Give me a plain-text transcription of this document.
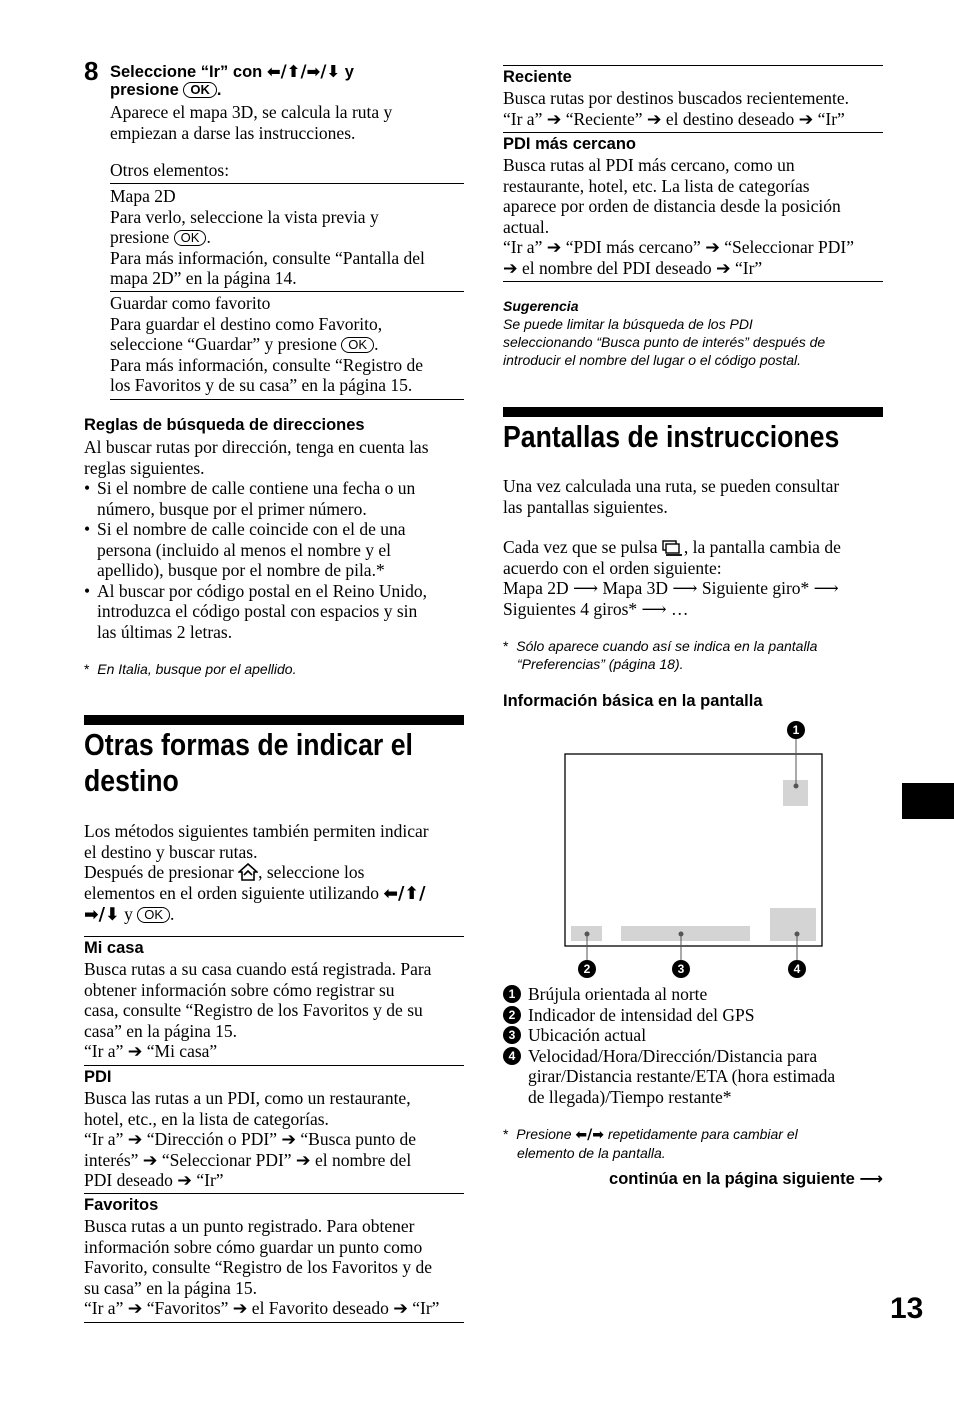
8 Seleccione “Ir” con ⬅/⬆/➡/⬇ y
presione OK .
Aparece el mapa 3D, se calcula la ruta y
empiezan a darse las instrucciones.
Otros elementos:
Mapa 2D
Para verlo, seleccione la vista previa y
presione OK .
Para más información, consulte “Pantalla del
mapa 2D” en la página 14.
Guardar como favorito
Para guardar el destino como Favorito,
seleccione “Guardar” y presione OK .
Para más información, consulte “Registro de
los Favoritos y de su casa” en la página 15.
Reglas de búsqueda de direcciones
Al buscar rutas por dirección, tenga en cuenta las
reglas siguientes.
• Si el nombre de calle contiene una fecha o un
número, busque por el primer número.
• Si el nombre de calle coincide con el de una
persona (incluido al menos el nombre y el
apellido), busque por el nombre de pila.*
• Al buscar por código postal en el Reino Unido,
introduzca el código postal con espacios y sin
las últimas 2 letras.
* En Italia, busque por el apellido.
Otras formas de indicar el
destino
Los métodos siguientes también permiten indicar
el destino y buscar rutas.
Después de presionar , seleccione los
elementos en el orden siguiente utilizando ⬅/⬆/
➡/⬇ y OK .
Mi casa
Busca rutas a su casa cuando está registrada. Para
obtener información sobre cómo registrar su
casa, consulte “Registro de los Favoritos y de su
casa” en la página 15.
“Ir a” ➔ “Mi casa”
PDI
Busca las rutas a un PDI, como un restaurante,
hotel, etc., en la lista de categorías.
“Ir a” ➔ “Dirección o PDI” ➔ “Busca punto de
interés” ➔ “Seleccionar PDI” ➔ el nombre del
PDI deseado ➔ “Ir”
Favoritos
Busca rutas a un punto registrado. Para obtener
información sobre cómo guardar un punto como
Favorito, consulte “Registro de los Favoritos y de
su casa” en la página 15.
“Ir a” ➔ “Favoritos” ➔ el Favorito deseado ➔ “Ir”
Reciente
Busca rutas por destinos buscados recientemente.
“Ir a” ➔ “Reciente” ➔ el destino deseado ➔ “Ir”
PDI más cercano
Busca rutas al PDI más cercano, como un
restaurante, hotel, etc. La lista de categorías
aparece por orden de distancia desde la posición
actual.
“Ir a” ➔ “PDI más cercano” ➔ “Seleccionar PDI”
➔ el nombre del PDI deseado ➔ “Ir”
Sugerencia
Se puede limitar la búsqueda de los PDI
seleccionando “Busca punto de interés” después de
introducir el nombre del lugar o el código postal.
Pantallas de instrucciones
Una vez calculada una ruta, se pueden consultar
las pantallas siguientes.
Cada vez que se pulsa , la pantalla cambia de
acuerdo con el orden siguiente:
Mapa 2D ⟶ Mapa 3D ⟶ Siguiente giro* ⟶
Siguientes 4 giros* ⟶ …
* Sólo aparece cuando así se indica en la pantalla
“Preferencias” (página 18).
Información básica en la pantalla
1
2	3	4
1 Brújula orientada al norte
2 Indicador de intensidad del GPS
3 Ubicación actual
4 Velocidad/Hora/Dirección/Distancia para
girar/Distancia restante/ETA (hora estimada
de llegada)/Tiempo restante*
* Presione ⬅/➡ repetidamente para cambiar el
elemento de la pantalla.
continúa en la página siguiente ⟶
13
